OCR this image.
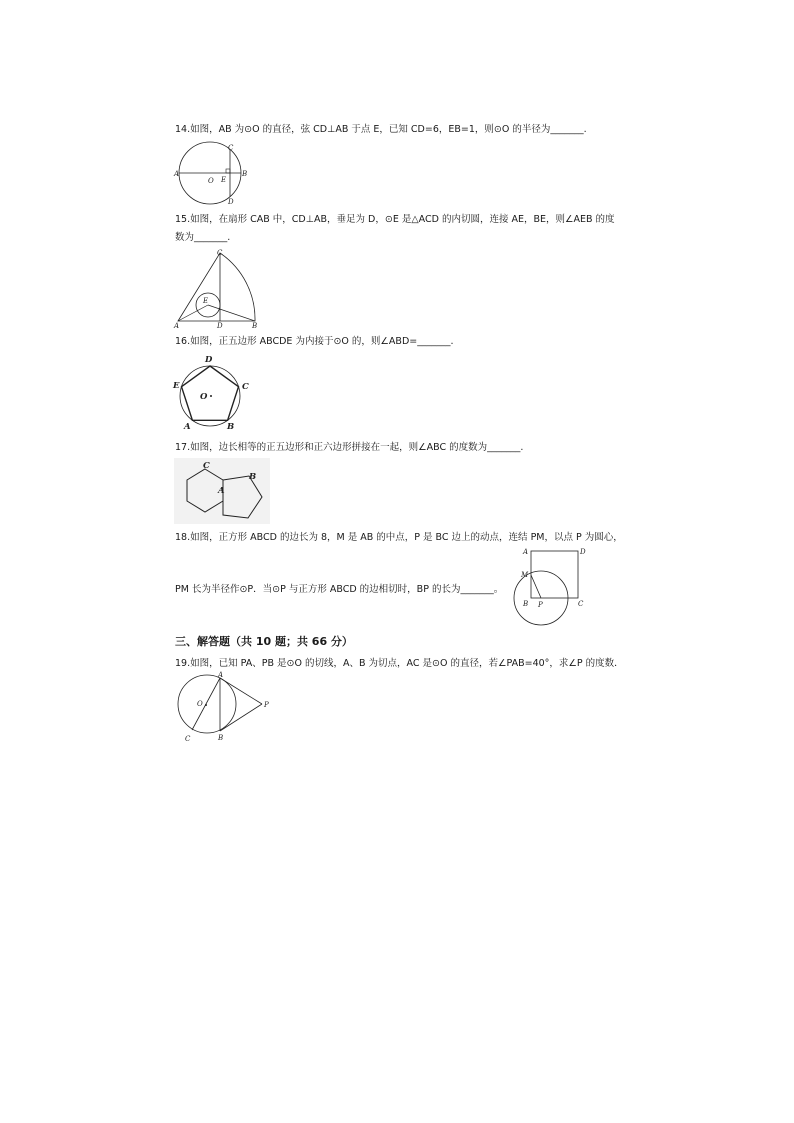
14.如图，AB 为⊙O 的直径，弦 CD⊥AB 于点 E，已知 CD=6，EB=1，则⊙O 的半径为_______.
A	B
C
D
E
O
15.如图，在扇形 CAB 中，CD⊥AB，垂足为 D，⊙E 是△ACD 的内切圆，连接 AE，BE，则∠AEB 的度
数为_______.
A	B
C
D
E
16.如图，正五边形 ABCDE 为内接于⊙O 的，则∠ABD=_______.
D
E	C
A	B
O
17.如图，边长相等的正五边形和正六边形拼接在一起，则∠ABC 的度数为_______.
C
B
A
18.如图，正方形 ABCD 的边长为 8，M 是 AB 的中点，P 是 BC 边上的动点，连结 PM，以点 P 为圆心，
PM 长为半径作⊙P．当⊙P 与正方形 ABCD 的边相切时，BP 的长为_______。
A	D
M
B P	C
三、解答题（共 10 题；共 66 分）
19.如图，已知 PA、PB 是⊙O 的切线，A、B 为切点，AC 是⊙O 的直径，若∠PAB=40°，求∠P 的度数．
A
B
C
O	P
